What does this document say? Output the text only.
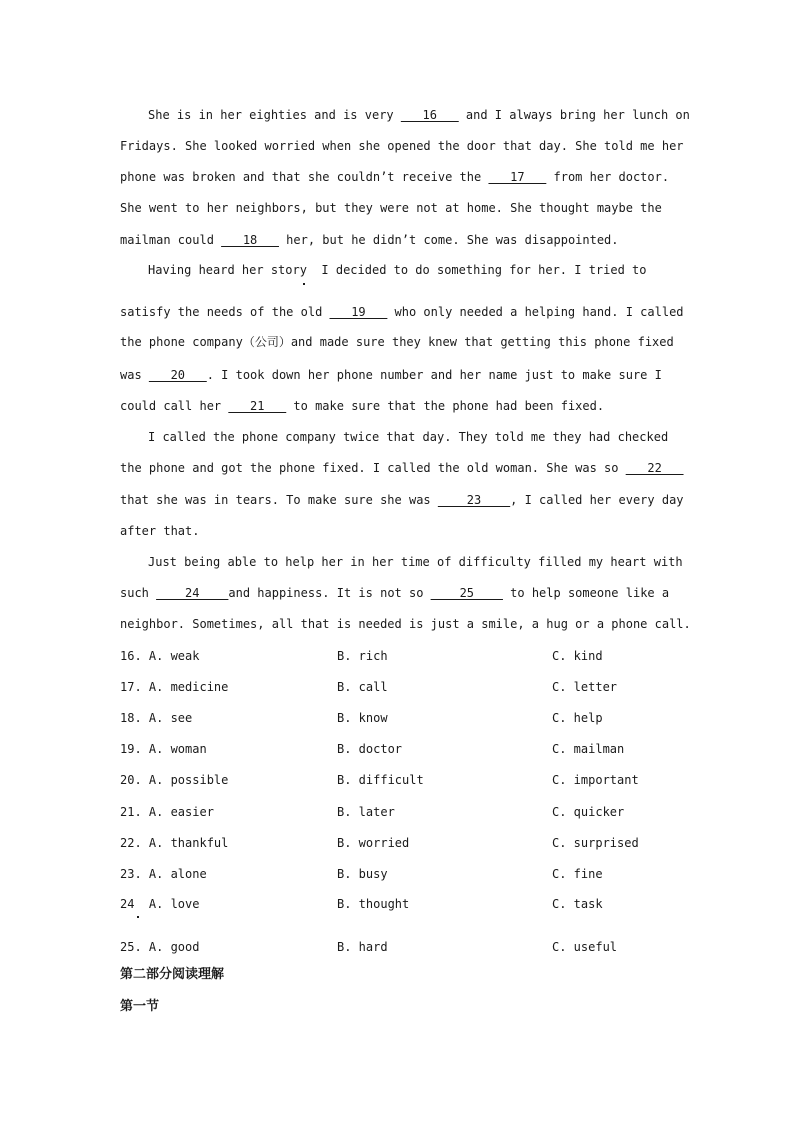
She is in her eighties and is very ___16___ and I always bring her lunch on
Fridays. She looked worried when she opened the door that day. She told me her
phone was broken and that she couldn’t receive the ___17___ from her doctor.
She went to her neighbors, but they were not at home. She thought maybe the
mailman could ___18___ her, but he didn’t come. She was disappointed.
Having heard her story  I decided to do something for her. I tried to
satisfy the needs of the old ___19___ who only needed a helping hand. I called
the phone company（公司）and made sure they knew that getting this phone fixed
was ___20___. I took down her phone number and her name just to make sure I
could call her ___21___ to make sure that the phone had been fixed.
I called the phone company twice that day. They told me they had checked
the phone and got the phone fixed. I called the old woman. She was so ___22___
that she was in tears. To make sure she was ____23____, I called her every day
after that.
Just being able to help her in her time of difficulty filled my heart with
such ____24____and happiness. It is not so ____25____ to help someone like a
neighbor. Sometimes, all that is needed is just a smile, a hug or a phone call.
16. A. weak	B. rich	C. kind
17. A. medicine	B. call	C. letter
18. A. see	B. know	C. help
19. A. woman	B. doctor	C. mailman
20. A. possible	B. difficult	C. important
21. A. easier	B. later	C. quicker
22. A. thankful	B. worried	C. surprised
23. A. alone	B. busy	C. fine
24  A. love	B. thought	C. task
25. A. good	B. hard	C. useful
第二部分阅读理解
第一节
